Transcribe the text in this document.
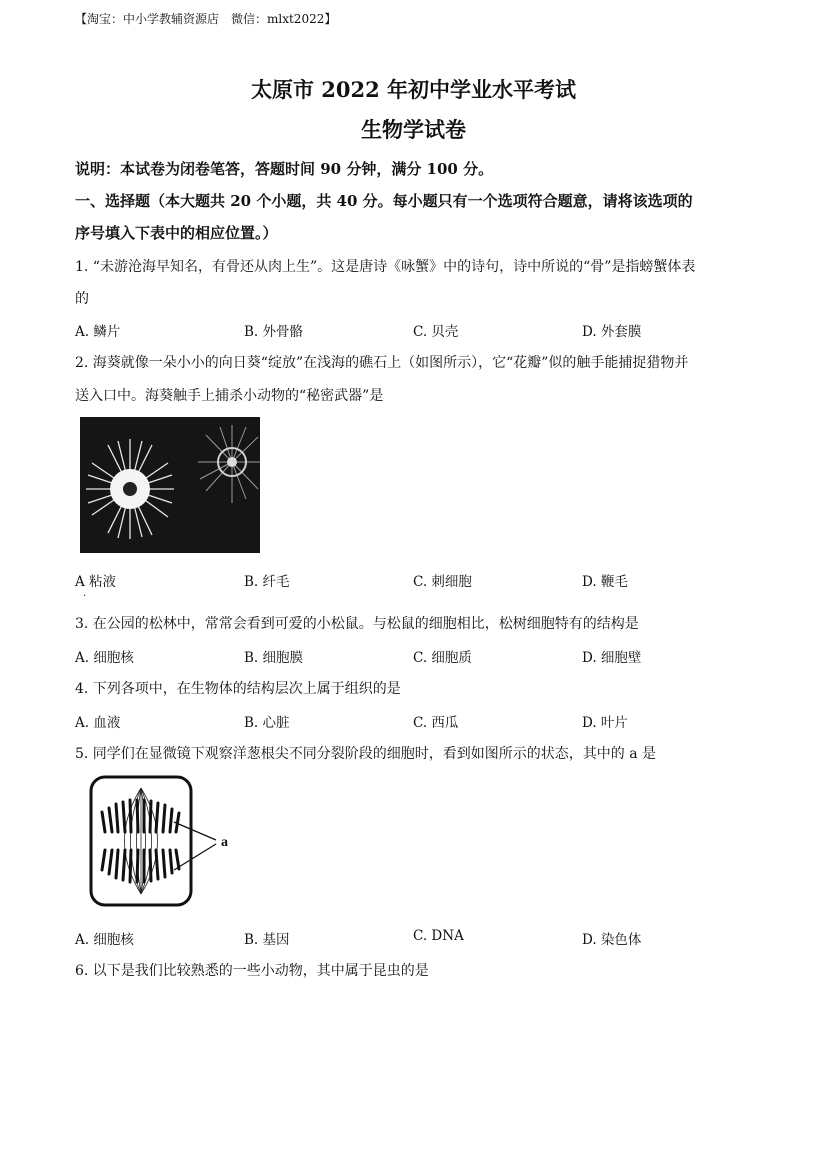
【淘宝：中小学教辅资源店　微信：mlxt2022】
太原市 2022 年初中学业水平考试
生物学试卷
说明：本试卷为闭卷笔答，答题时间 90 分钟，满分 100 分。
一、选择题（本大题共 20 个小题，共 40 分。每小题只有一个选项符合题意，请将该选项的
序号填入下表中的相应位置。）
1. “未游沧海早知名，有骨还从肉上生”。这是唐诗《咏蟹》中的诗句，诗中所说的“骨”是指螃蟹体表
的
A. 鳞片	B. 外骨骼	C. 贝壳	D. 外套膜
2. 海葵就像一朵小小的向日葵“绽放”在浅海的礁石上（如图所示），它“花瓣”似的触手能捕捉猎物并
送入口中。海葵触手上捕杀小动物的“秘密武器”是
A 粘液	B. 纤毛	C. 刺细胞	D. 鞭毛
.
3. 在公园的松林中，常常会看到可爱的小松鼠。与松鼠的细胞相比，松树细胞特有的结构是
A. 细胞核	B. 细胞膜	C. 细胞质	D. 细胞壁
4. 下列各项中，在生物体的结构层次上属于组织的是
A. 血液	B. 心脏	C. 西瓜	D. 叶片
5. 同学们在显微镜下观察洋葱根尖不同分裂阶段的细胞时，看到如图所示的状态，其中的 a 是
a
A. 细胞核	B. 基因	C. DNA	D. 染色体
6. 以下是我们比较熟悉的一些小动物，其中属于昆虫的是
